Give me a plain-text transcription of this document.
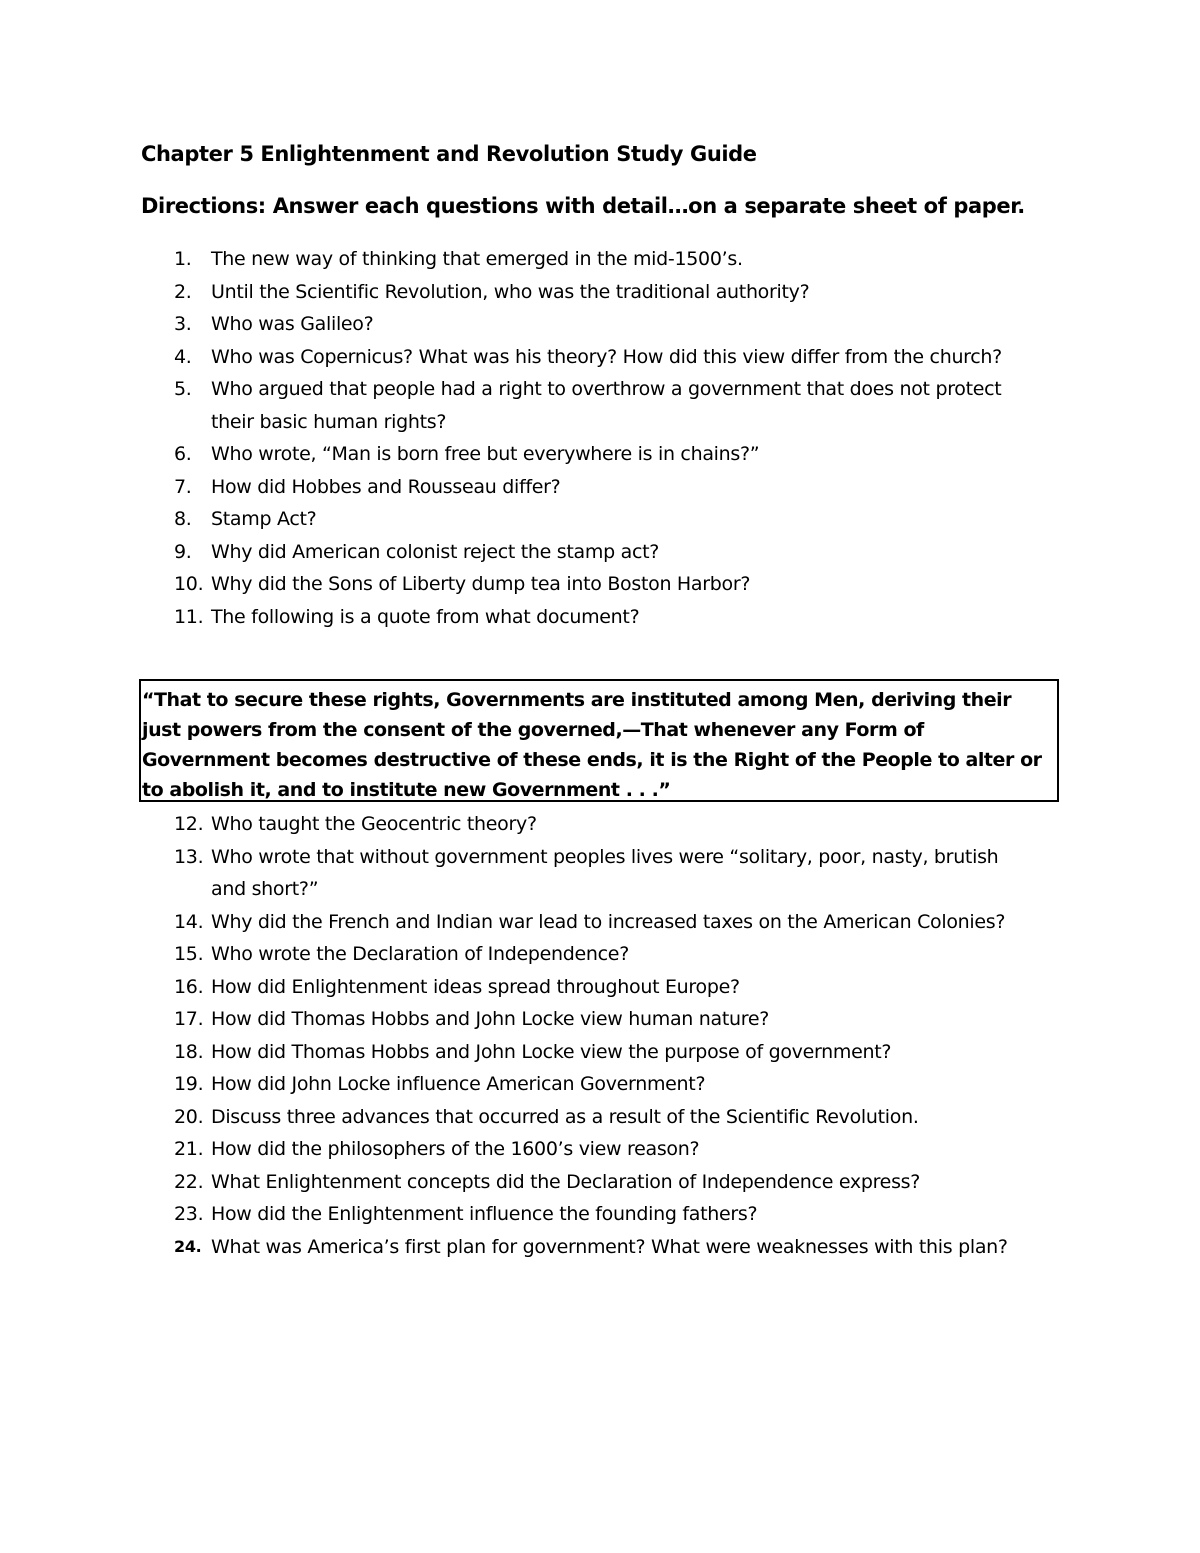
Chapter 5 Enlightenment and Revolution Study Guide
Directions: Answer each questions with detail…on a separate sheet of paper.
1. The new way of thinking that emerged in the mid-1500’s.
2. Until the Scientific Revolution, who was the traditional authority?
3. Who was Galileo?
4. Who was Copernicus? What was his theory? How did this view differ from the church?
5. Who argued that people had a right to overthrow a government that does not protect their basic human rights?
6. Who wrote, “Man is born free but everywhere is in chains?”
7. How did Hobbes and Rousseau differ?
8. Stamp Act?
9. Why did American colonist reject the stamp act?
10. Why did the Sons of Liberty dump tea into Boston Harbor?
11. The following is a quote from what document?

“That to secure these rights, Governments are instituted among Men, deriving their just powers from the consent of the governed,—That whenever any Form of Government becomes destructive of these ends, it is the Right of the People to alter or to abolish it, and to institute new Government . . .”

12. Who taught the Geocentric theory?
13. Who wrote that without government peoples lives were “solitary, poor, nasty, brutish and short?”
14. Why did the French and Indian war lead to increased taxes on the American Colonies?
15. Who wrote the Declaration of Independence?
16. How did Enlightenment ideas spread throughout Europe?
17. How did Thomas Hobbs and John Locke view human nature?
18. How did Thomas Hobbs and John Locke view the purpose of government?
19. How did John Locke influence American Government?
20. Discuss three advances that occurred as a result of the Scientific Revolution.
21. How did the philosophers of the 1600’s view reason?
22. What Enlightenment concepts did the Declaration of Independence express?
23. How did the Enlightenment influence the founding fathers?
24. What was America’s first plan for government? What were weaknesses with this plan?
